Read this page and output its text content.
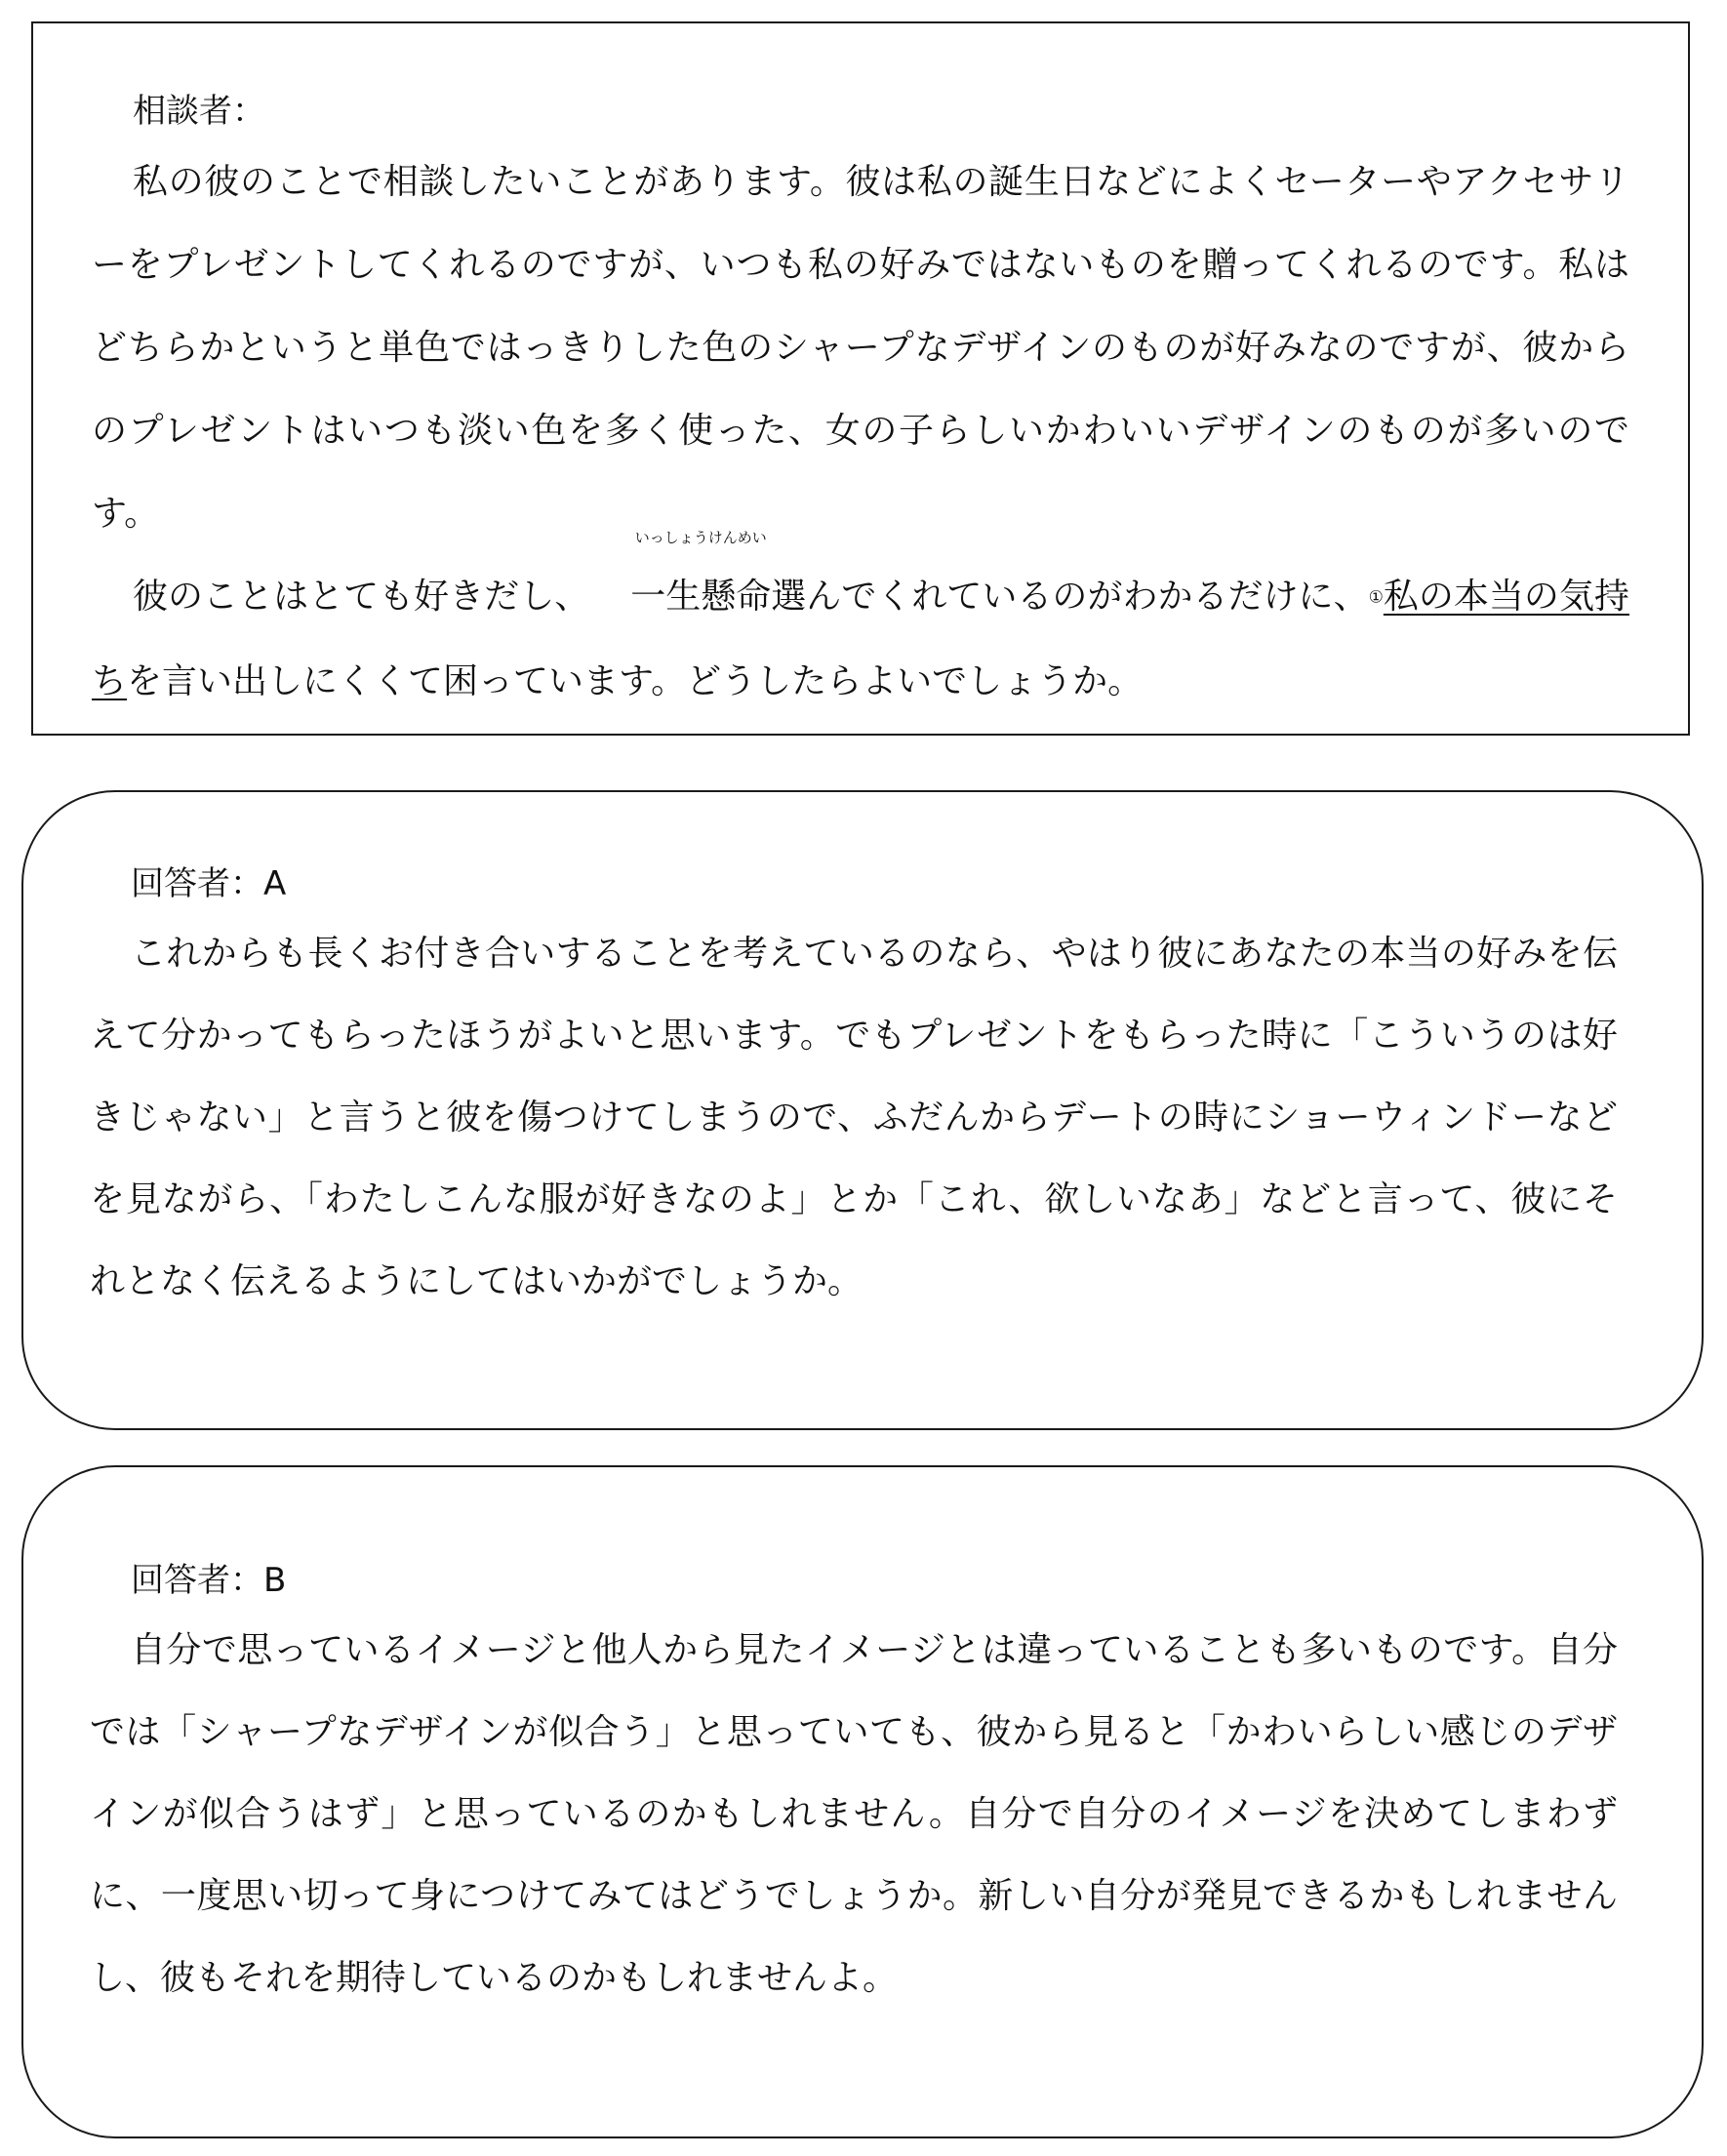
相談者：

私の彼のことで相談したいことがあります。彼は私の誕生日などによくセーターやアクセサリーをプレゼントしてくれるのですが、いつも私の好みではないものを贈ってくれるのです。私はどちらかというと単色ではっきりした色のシャープなデザインのものが好みなのですが、彼からのプレゼントはいつも淡い色を多く使った、女の子らしいかわいいデザインのものが多いのです。

彼のことはとても好きだし、
いっしょうけんめい
一生懸命選んでくれているのがわかるだけに、①私の本当の気持ちを言い出しにくくて困っています。どうしたらよいでしょうか。

回答者：A

これからも長くお付き合いすることを考えているのなら、やはり彼にあなたの本当の好みを伝えて分かってもらったほうがよいと思います。でもプレゼントをもらった時に「こういうのは好きじゃない」と言うと彼を傷つけてしまうので、ふだんからデートの時にショーウィンドーなどを見ながら、「わたしこんな服が好きなのよ」とか「これ、欲しいなあ」などと言って、彼にそれとなく伝えるようにしてはいかがでしょうか。

回答者：B

自分で思っているイメージと他人から見たイメージとは違っていることも多いものです。自分では「シャープなデザインが似合う」と思っていても、彼から見ると「かわいらしい感じのデザインが似合うはず」と思っているのかもしれません。自分で自分のイメージを決めてしまわずに、一度思い切って身につけてみてはどうでしょうか。新しい自分が発見できるかもしれませんし、彼もそれを期待しているのかもしれませんよ。
